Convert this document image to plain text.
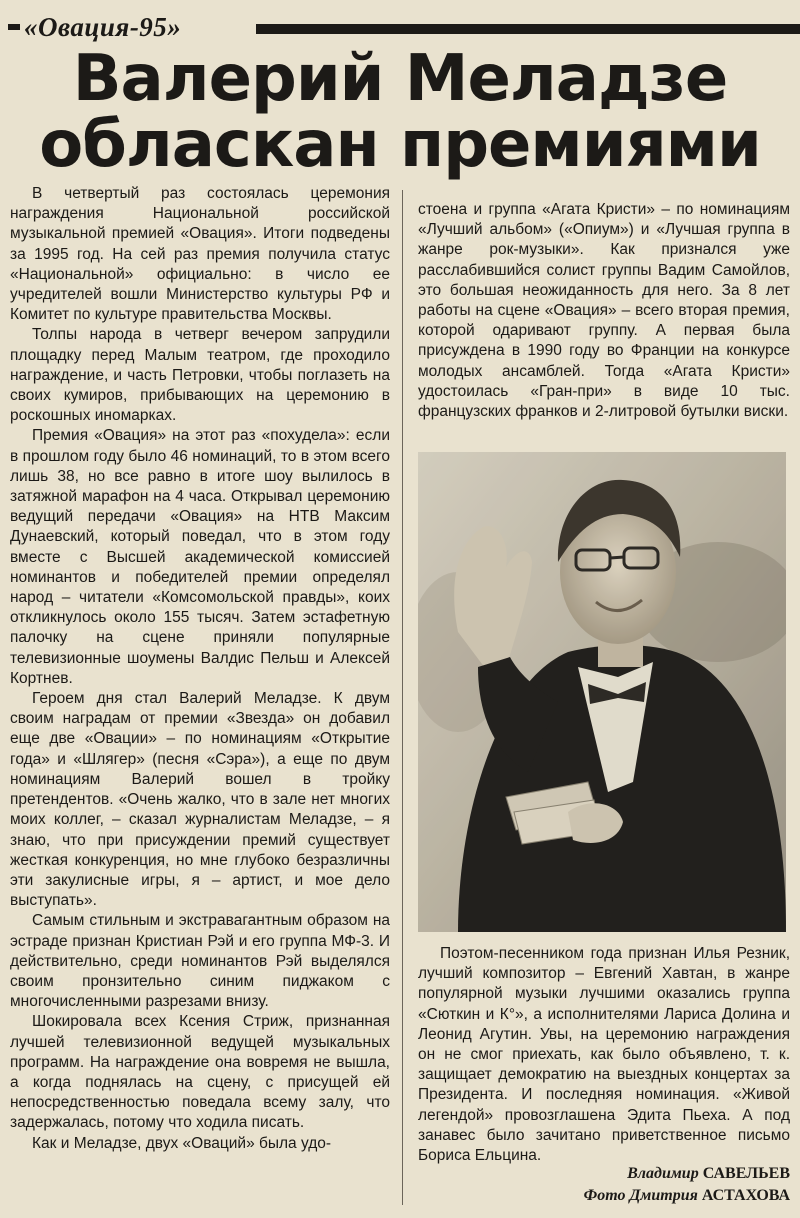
«Овация-95»
Валерий Меладзе
обласкан премиями

В четвертый раз состоялась церемония награждения Национальной российской музыкальной премией «Овация». Итоги подведены за 1995 год. На сей раз премия получила статус «Национальной» официально: в число ее учредителей вошли Министерство культуры РФ и Комитет по культуре правительства Москвы.

Толпы народа в четверг вечером запрудили площадку перед Малым театром, где проходило награждение, и часть Петровки, чтобы поглазеть на своих кумиров, прибывающих на церемонию в роскошных иномарках.

Премия «Овация» на этот раз «похудела»: если в прошлом году было 46 номинаций, то в этом всего лишь 38, но все равно в итоге шоу вылилось в затяжной марафон на 4 часа. Открывал церемонию ведущий передачи «Овация» на НТВ Максим Дунаевский, который поведал, что в этом году вместе с Высшей академической комиссией номинантов и победителей премии определял народ – читатели «Комсомольской правды», коих откликнулось около 155 тысяч. Затем эстафетную палочку на сцене приняли популярные телевизионные шоумены Валдис Пельш и Алексей Кортнев.

Героем дня стал Валерий Меладзе. К двум своим наградам от премии «Звезда» он добавил еще две «Овации» – по номинациям «Открытие года» и «Шлягер» (песня «Сэра»), а еще по двум номинациям Валерий вошел в тройку претендентов. «Очень жалко, что в зале нет многих моих коллег, – сказал журналистам Меладзе, – я знаю, что при присуждении премий существует жесткая конкуренция, но мне глубоко безразличны эти закулисные игры, я – артист, и мое дело выступать».

Самым стильным и экстравагантным образом на эстраде признан Кристиан Рэй и его группа МФ-3. И действительно, среди номинантов Рэй выделялся своим пронзительно синим пиджаком с многочисленными разрезами внизу.

Шокировала всех Ксения Стриж, признанная лучшей телевизионной ведущей музыкальных программ. На награждение она вовремя не вышла, а когда поднялась на сцену, с присущей ей непосредственностью поведала всему залу, что задержалась, потому что ходила писать.

Как и Меладзе, двух «Оваций» была удо-

стоена и группа «Агата Кристи» – по номинациям «Лучший альбом» («Опиум») и «Лучшая группа в жанре рок-музыки». Как признался уже расслабившийся солист группы Вадим Самойлов, это большая неожиданность для него. За 8 лет работы на сцене «Овация» – всего вторая премия, которой одаривают группу. А первая была присуждена в 1990 году во Франции на конкурсе молодых ансамблей. Тогда «Агата Кристи» удостоилась «Гран-при» в виде 10 тыс. французских франков и 2-литровой бутылки виски.

Поэтом-песенником года признан Илья Резник, лучший композитор – Евгений Хавтан, в жанре популярной музыки лучшими оказались группа «Сюткин и К°», а исполнителями Лариса Долина и Леонид Агутин. Увы, на церемонию награждения он не смог приехать, как было объявлено, т. к. защищает демократию на выездных концертах за Президента. И последняя номинация. «Живой легендой» провозглашена Эдита Пьеха. А под занавес было зачитано приветственное письмо Бориса Ельцина.

Владимир САВЕЛЬЕВ
Фото Дмитрия АСТАХОВА
